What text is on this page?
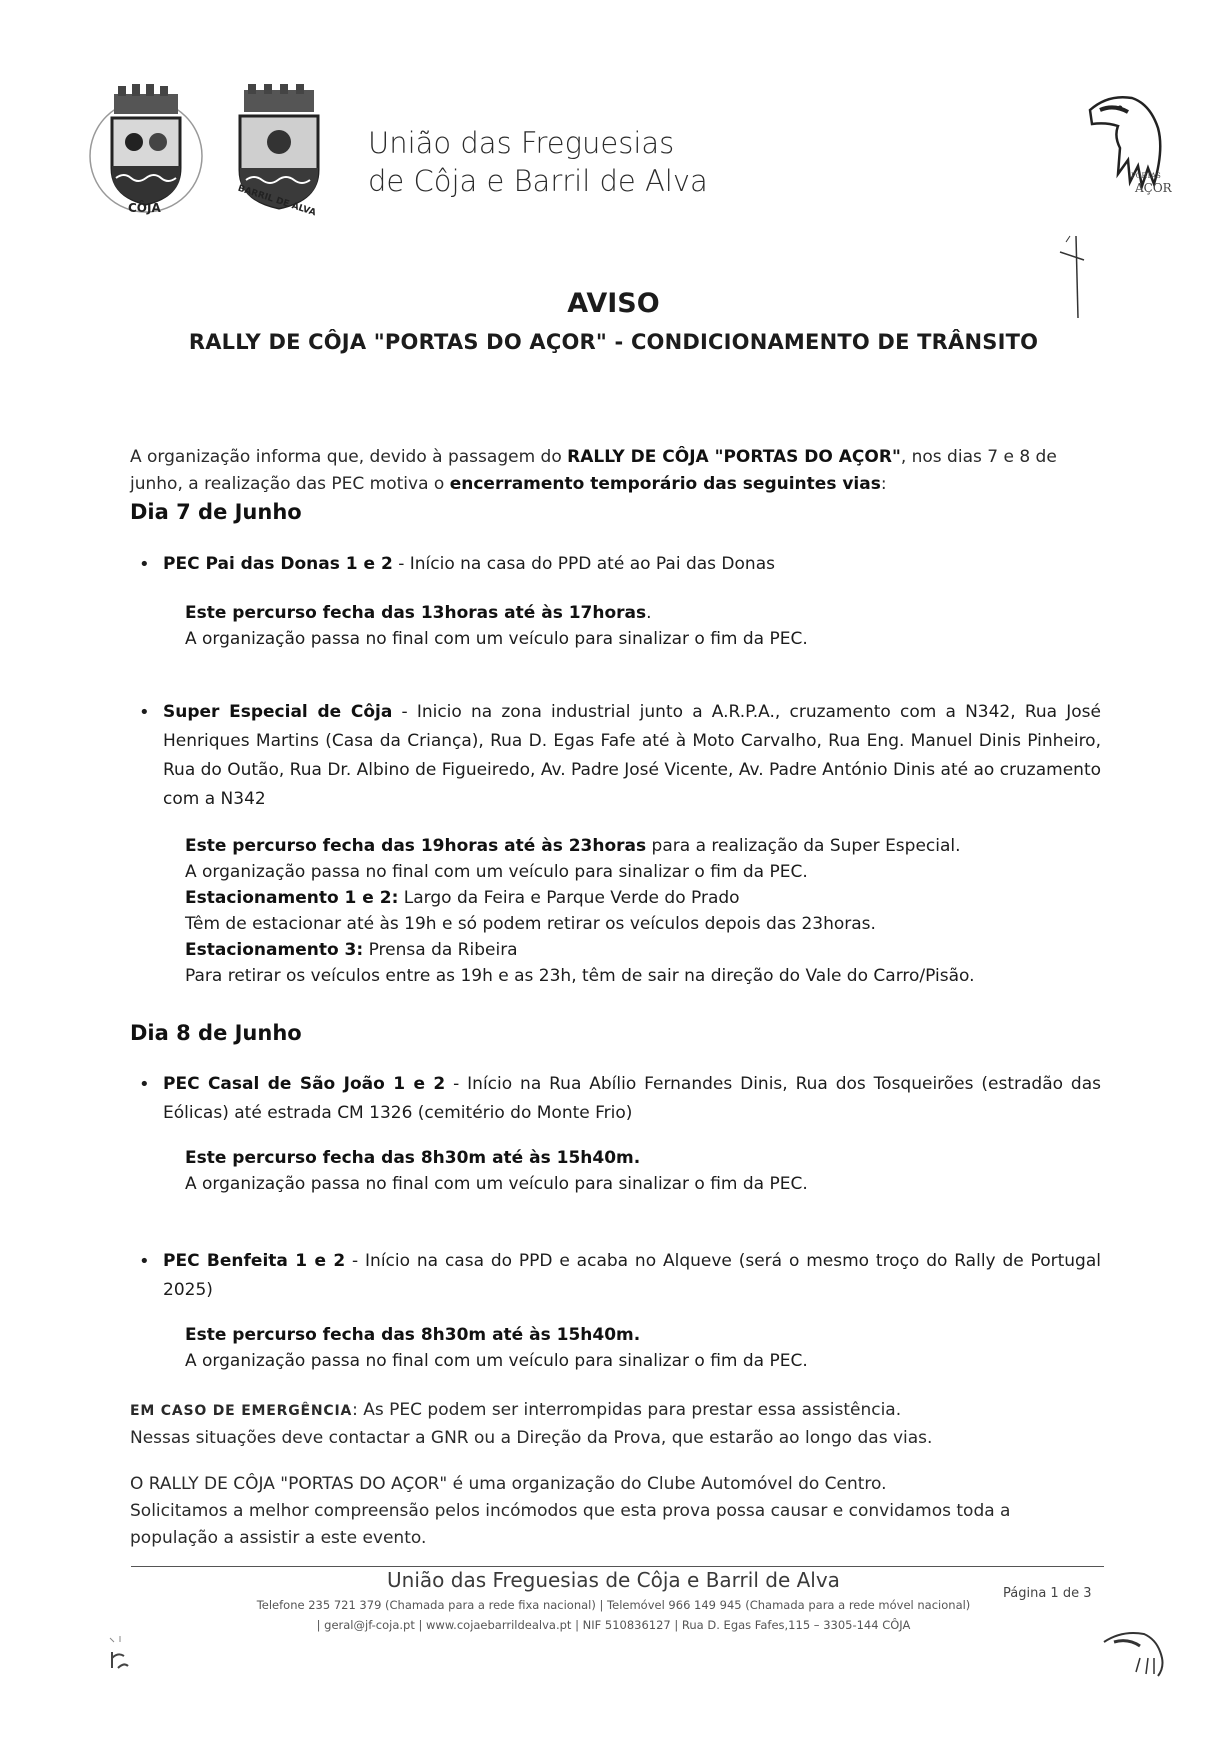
CÔJA	BARRIL DE ALVA
União das Freguesias
de Côja e Barril de Alva	PORTAS
AÇOR
AVISO
RALLY DE CÔJA "PORTAS DO AÇOR" - CONDICIONAMENTO DE TRÂNSITO
A organização informa que, devido à passagem do RALLY DE CÔJA "PORTAS DO AÇOR", nos dias 7 e 8 de
junho, a realização das PEC motiva o encerramento temporário das seguintes vias:
Dia 7 de Junho
• PEC Pai das Donas 1 e 2 - Início na casa do PPD até ao Pai das Donas
Este percurso fecha das 13horas até às 17horas.
A organização passa no final com um veículo para sinalizar o fim da PEC.
• Super Especial de Côja - Inicio na zona industrial junto a A.R.P.A., cruzamento com a N342, Rua José Henriques Martins (Casa da Criança), Rua D. Egas Fafe até à Moto Carvalho, Rua Eng. Manuel Dinis Pinheiro, Rua do Outão, Rua Dr. Albino de Figueiredo, Av. Padre José Vicente, Av. Padre António Dinis até ao cruzamento com a N342
Este percurso fecha das 19horas até às 23horas para a realização da Super Especial.
A organização passa no final com um veículo para sinalizar o fim da PEC.
Estacionamento 1 e 2: Largo da Feira e Parque Verde do Prado
Têm de estacionar até às 19h e só podem retirar os veículos depois das 23horas.
Estacionamento 3: Prensa da Ribeira
Para retirar os veículos entre as 19h e as 23h, têm de sair na direção do Vale do Carro/Pisão.
Dia 8 de Junho
• PEC Casal de São João 1 e 2 - Início na Rua Abílio Fernandes Dinis, Rua dos Tosqueirões (estradão das Eólicas) até estrada CM 1326 (cemitério do Monte Frio)
Este percurso fecha das 8h30m até às 15h40m.
A organização passa no final com um veículo para sinalizar o fim da PEC.
• PEC Benfeita 1 e 2 - Início na casa do PPD e acaba no Alqueve (será o mesmo troço do Rally de Portugal 2025)
Este percurso fecha das 8h30m até às 15h40m.
A organização passa no final com um veículo para sinalizar o fim da PEC.
EM CASO DE EMERGÊNCIA: As PEC podem ser interrompidas para prestar essa assistência.
Nessas situações deve contactar a GNR ou a Direção da Prova, que estarão ao longo das vias.
O RALLY DE CÔJA "PORTAS DO AÇOR" é uma organização do Clube Automóvel do Centro.
Solicitamos a melhor compreensão pelos incómodos que esta prova possa causar e convidamos toda a
população a assistir a este evento.
União das Freguesias de Côja e Barril de Alva
Telefone 235 721 379 (Chamada para a rede fixa nacional) | Telemóvel 966 149 945 (Chamada para a rede móvel nacional)
| geral@jf-coja.pt | www.cojaebarrildealva.pt | NIF 510836127 | Rua D. Egas Fafes,115 – 3305-144 CÔJA
Página 1 de 3
